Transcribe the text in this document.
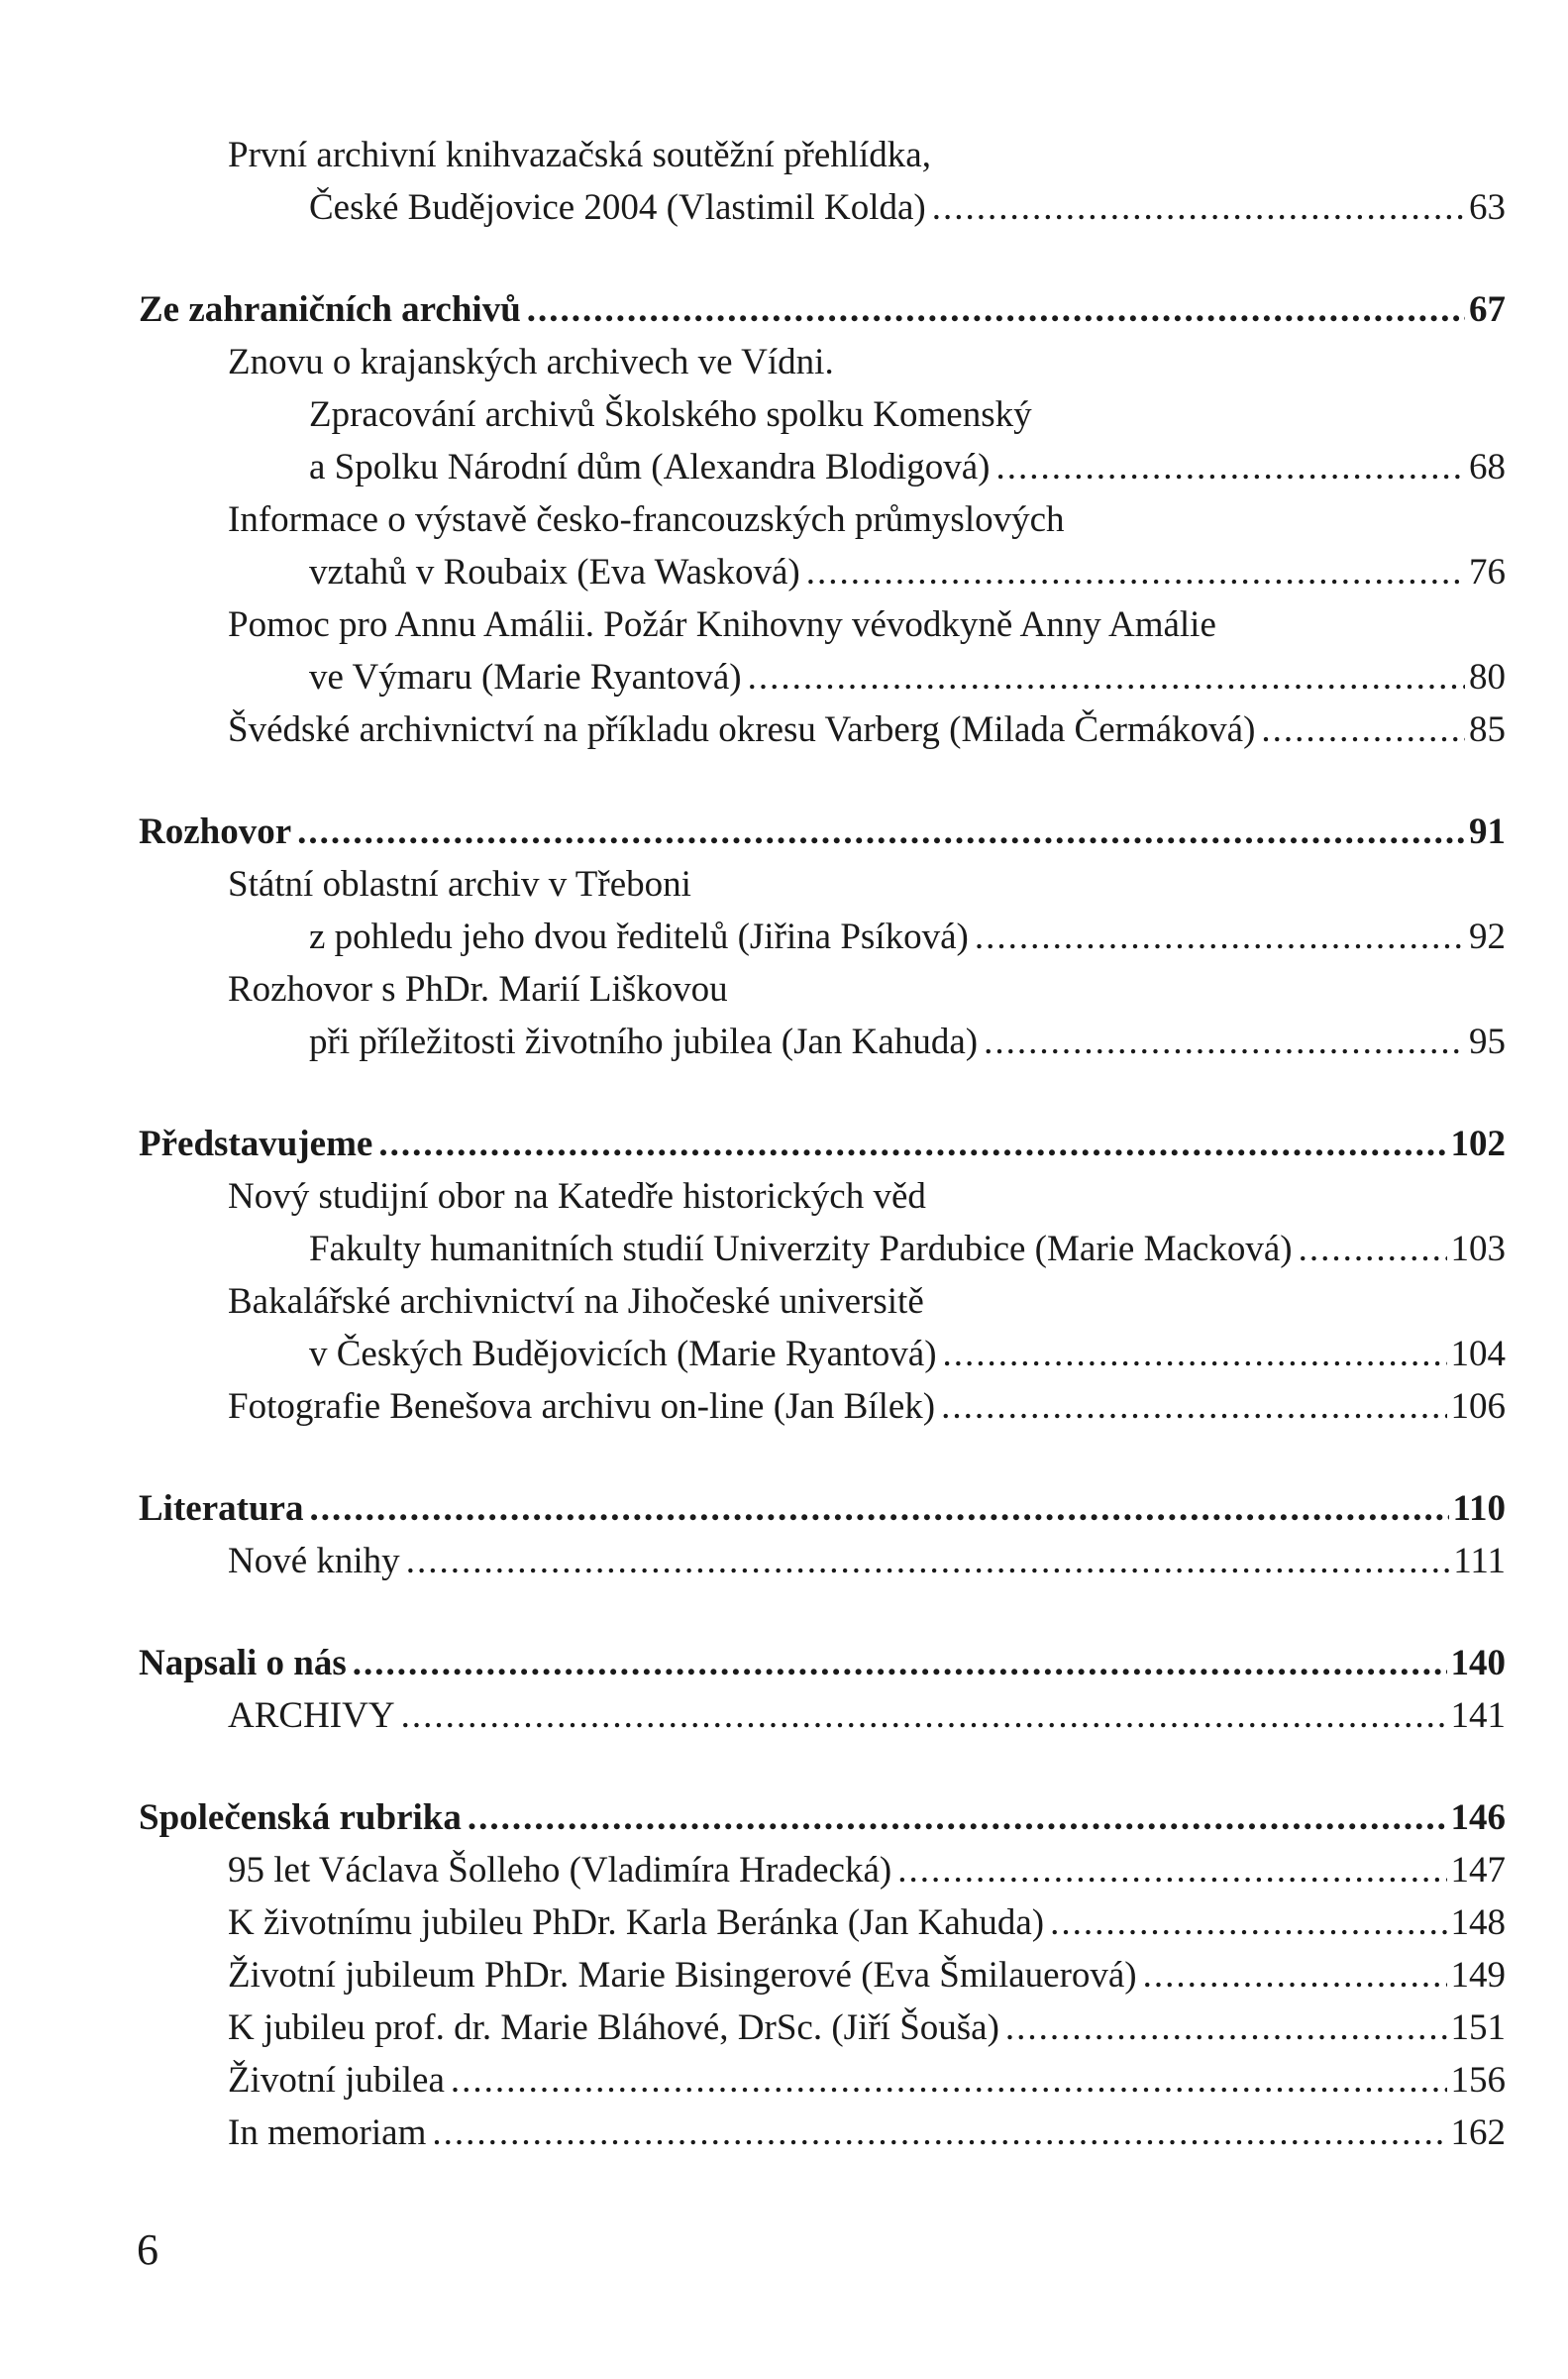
První archivní knihvazačská soutěžní přehlídka,
České Budějovice 2004 (Vlastimil Kolda) .....	63
Ze zahraničních archivů .....	67
Znovu o krajanských archivech ve Vídni.
Zpracování archivů Školského spolku Komenský
a Spolku Národní dům (Alexandra Blodigová) .....	68
Informace o výstavě česko-francouzských průmyslových
vztahů v Roubaix (Eva Wasková) .....	76
Pomoc pro Annu Amálii. Požár Knihovny vévodkyně Anny Amálie
ve Výmaru (Marie Ryantová) .....	80
Švédské archivnictví na příkladu okresu Varberg (Milada Čermáková) .....	85
Rozhovor .....	91
Státní oblastní archiv v Třeboni
z pohledu jeho dvou ředitelů (Jiřina Psíková) .....	92
Rozhovor s PhDr. Marií Liškovou
při příležitosti životního jubilea (Jan Kahuda) .....	95
Představujeme .....	102
Nový studijní obor na Katedře historických věd
Fakulty humanitních studií Univerzity Pardubice (Marie Macková) .....	103
Bakalářské archivnictví na Jihočeské universitě
v Českých Budějovicích (Marie Ryantová) .....	104
Fotografie Benešova archivu on-line (Jan Bílek) .....	106
Literatura .....	110
Nové knihy .....	111
Napsali o nás .....	140
ARCHIVY .....	141
Společenská rubrika .....	146
95 let Václava Šolleho (Vladimíra Hradecká) .....	147
K životnímu jubileu PhDr. Karla Beránka (Jan Kahuda) .....	148
Životní jubileum PhDr. Marie Bisingerové (Eva Šmilauerová) .....	149
K jubileu prof. dr. Marie Bláhové, DrSc. (Jiří Šouša) .....	151
Životní jubilea .....	156
In memoriam .....	162
6
